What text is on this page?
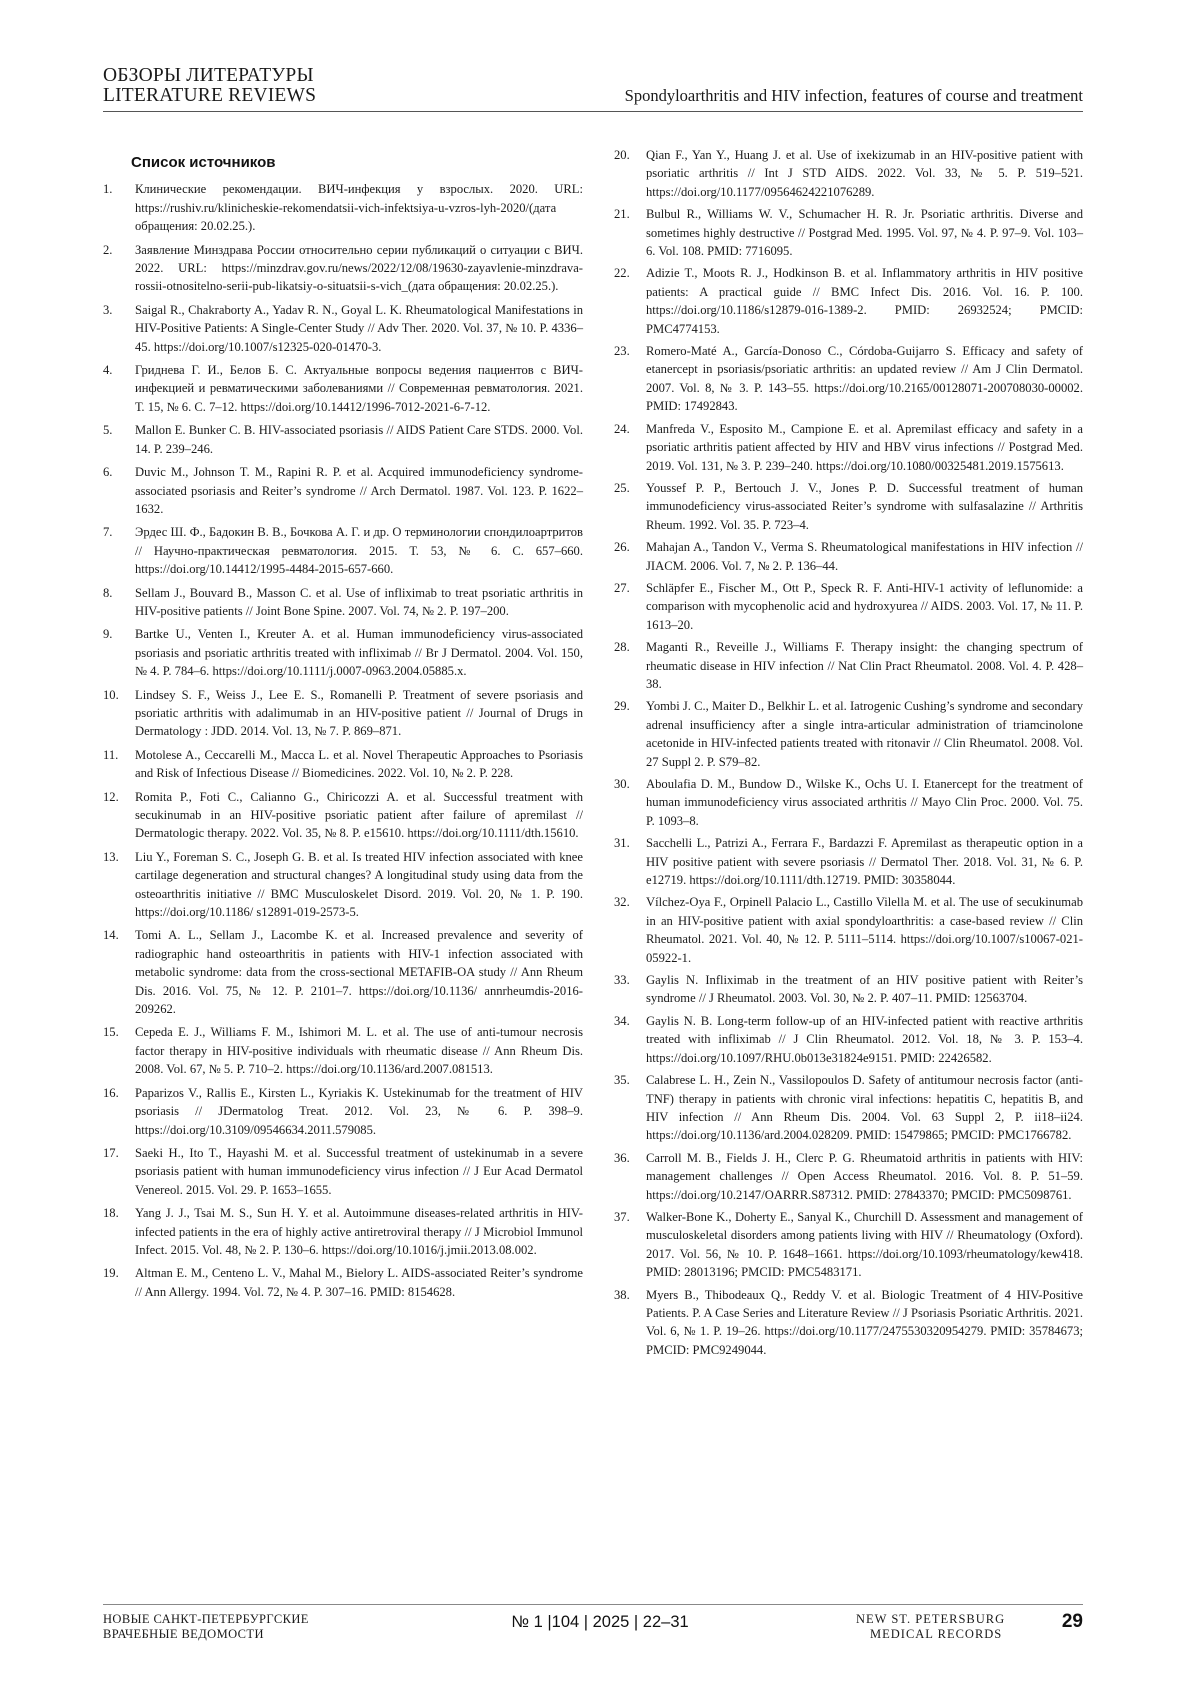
ОБЗОРЫ ЛИТЕРАТУРЫ
LITERATURE REVIEWS	Spondyloarthritis and HIV infection, features of course and treatment
Список источников
1. Клинические рекомендации. ВИЧ-инфекция у взрослых. 2020. URL: https://rushiv.ru/klinicheskie-rekomendatsii-vich-infektsiya-u-vzros-lyh-2020/(дата обращения: 20.02.25.).
2. Заявление Минздрава России относительно серии публикаций о ситуации с ВИЧ. 2022. URL: https://minzdrav.gov.ru/news/2022/12/08/19630-zayavlenie-minzdrava-rossii-otnositelno-serii-pub-likatsiy-o-situatsii-s-vich_(дата обращения: 20.02.25.).
3. Saigal R., Chakraborty A., Yadav R. N., Goyal L. K. Rheumatological Manifestations in HIV-Positive Patients: A Single-Center Study // Adv Ther. 2020. Vol. 37, № 10. P. 4336–45. https://doi.org/10.1007/s12325-020-01470-3.
4. Гриднева Г. И., Белов Б. С. Актуальные вопросы ведения пациентов с ВИЧ-инфекцией и ревматическими заболеваниями // Современная ревматология. 2021. Т. 15, № 6. С. 7–12. https://doi.org/10.14412/1996-7012-2021-6-7-12.
5. Mallon E. Bunker C. B. HIV-associated psoriasis // AIDS Patient Care STDS. 2000. Vol. 14. P. 239–246.
6. Duvic M., Johnson T. M., Rapini R. P. et al. Acquired immunodeficiency syndrome-associated psoriasis and Reiter’s syndrome // Arch Dermatol. 1987. Vol. 123. P. 1622–1632.
7. Эрдес Ш. Ф., Бадокин В. В., Бочкова А. Г. и др. О терминологии спондилоартритов // Научно-практическая ревматология. 2015. Т. 53, № 6. С. 657–660. https://doi.org/10.14412/1995-4484-2015-657-660.
8. Sellam J., Bouvard B., Masson C. et al. Use of infliximab to treat psoriatic arthritis in HIV-positive patients // Joint Bone Spine. 2007. Vol. 74, № 2. P. 197–200.
9. Bartke U., Venten I., Kreuter A. et al. Human immunodeficiency virus-associated psoriasis and psoriatic arthritis treated with infliximab // Br J Dermatol. 2004. Vol. 150, № 4. P. 784–6. https://doi.org/10.1111/j.0007-0963.2004.05885.x.
10. Lindsey S. F., Weiss J., Lee E. S., Romanelli P. Treatment of severe psoriasis and psoriatic arthritis with adalimumab in an HIV-positive patient // Journal of Drugs in Dermatology : JDD. 2014. Vol. 13, № 7. P. 869–871.
11. Motolese A., Ceccarelli M., Macca L. et al. Novel Therapeutic Approaches to Psoriasis and Risk of Infectious Disease // Biomedicines. 2022. Vol. 10, № 2. P. 228.
12. Romita P., Foti C., Calianno G., Chiricozzi A. et al. Successful treatment with secukinumab in an HIV-positive psoriatic patient after failure of apremilast // Dermatologic therapy. 2022. Vol. 35, № 8. P. e15610. https://doi.org/10.1111/dth.15610.
13. Liu Y., Foreman S. C., Joseph G. B. et al. Is treated HIV infection associated with knee cartilage degeneration and structural changes? A longitudinal study using data from the osteoarthritis initiative // BMC Musculoskelet Disord. 2019. Vol. 20, № 1. P. 190. https://doi.org/10.1186/ s12891-019-2573-5.
14. Tomi A. L., Sellam J., Lacombe K. et al. Increased prevalence and severity of radiographic hand osteoarthritis in patients with HIV-1 infection associated with metabolic syndrome: data from the cross-sectional METAFIB-OA study // Ann Rheum Dis. 2016. Vol. 75, № 12. P. 2101–7. https://doi.org/10.1136/ annrheumdis-2016-209262.
15. Cepeda E. J., Williams F. M., Ishimori M. L. et al. The use of anti-tumour necrosis factor therapy in HIV-positive individuals with rheumatic disease // Ann Rheum Dis. 2008. Vol. 67, № 5. P. 710–2. https://doi.org/10.1136/ard.2007.081513.
16. Paparizos V., Rallis E., Kirsten L., Kyriakis K. Ustekinumab for the treatment of HIV psoriasis // JDermatolog Treat. 2012. Vol. 23, № 6. P. 398–9. https://doi.org/10.3109/09546634.2011.579085.
17. Saeki H., Ito T., Hayashi M. et al. Successful treatment of ustekinumab in a severe psoriasis patient with human immunodeficiency virus infection // J Eur Acad Dermatol Venereol. 2015. Vol. 29. P. 1653–1655.
18. Yang J. J., Tsai M. S., Sun H. Y. et al. Autoimmune diseases-related arthritis in HIV-infected patients in the era of highly active antiretroviral therapy // J Microbiol Immunol Infect. 2015. Vol. 48, № 2. P. 130–6. https://doi.org/10.1016/j.jmii.2013.08.002.
19. Altman E. M., Centeno L. V., Mahal M., Bielory L. AIDS-associated Reiter’s syndrome // Ann Allergy. 1994. Vol. 72, № 4. P. 307–16. PMID: 8154628.
20. Qian F., Yan Y., Huang J. et al. Use of ixekizumab in an HIV-positive patient with psoriatic arthritis // Int J STD AIDS. 2022. Vol. 33, № 5. P. 519–521. https://doi.org/10.1177/09564624221076289.
21. Bulbul R., Williams W. V., Schumacher H. R. Jr. Psoriatic arthritis. Diverse and sometimes highly destructive // Postgrad Med. 1995. Vol. 97, № 4. P. 97–9. Vol. 103–6. Vol. 108. PMID: 7716095.
22. Adizie T., Moots R. J., Hodkinson B. et al. Inflammatory arthritis in HIV positive patients: A practical guide // BMC Infect Dis. 2016. Vol. 16. P. 100. https://doi.org/10.1186/s12879-016-1389-2. PMID: 26932524; PMCID: PMC4774153.
23. Romero-Maté A., García-Donoso C., Córdoba-Guijarro S. Efficacy and safety of etanercept in psoriasis/psoriatic arthritis: an updated review // Am J Clin Dermatol. 2007. Vol. 8, № 3. P. 143–55. https://doi.org/10.2165/00128071-200708030-00002. PMID: 17492843.
24. Manfreda V., Esposito M., Campione E. et al. Apremilast efficacy and safety in a psoriatic arthritis patient affected by HIV and HBV virus infections // Postgrad Med. 2019. Vol. 131, № 3. P. 239–240. https://doi.org/10.1080/00325481.2019.1575613.
25. Youssef P. P., Bertouch J. V., Jones P. D. Successful treatment of human immunodeficiency virus-associated Reiter’s syndrome with sulfasalazine // Arthritis Rheum. 1992. Vol. 35. P. 723–4.
26. Mahajan A., Tandon V., Verma S. Rheumatological manifestations in HIV infection // JIACM. 2006. Vol. 7, № 2. P. 136–44.
27. Schläpfer E., Fischer M., Ott P., Speck R. F. Anti-HIV-1 activity of leflunomide: a comparison with mycophenolic acid and hydroxyurea // AIDS. 2003. Vol. 17, № 11. P. 1613–20.
28. Maganti R., Reveille J., Williams F. Therapy insight: the changing spectrum of rheumatic disease in HIV infection // Nat Clin Pract Rheumatol. 2008. Vol. 4. P. 428–38.
29. Yombi J. C., Maiter D., Belkhir L. et al. Iatrogenic Cushing’s syndrome and secondary adrenal insufficiency after a single intra-articular administration of triamcinolone acetonide in HIV-infected patients treated with ritonavir // Clin Rheumatol. 2008. Vol. 27 Suppl 2. P. S79–82.
30. Aboulafia D. M., Bundow D., Wilske K., Ochs U. I. Etanercept for the treatment of human immunodeficiency virus associated arthritis // Mayo Clin Proc. 2000. Vol. 75. P. 1093–8.
31. Sacchelli L., Patrizi A., Ferrara F., Bardazzi F. Apremilast as therapeutic option in a HIV positive patient with severe psoriasis // Dermatol Ther. 2018. Vol. 31, № 6. P. e12719. https://doi.org/10.1111/dth.12719. PMID: 30358044.
32. Vílchez-Oya F., Orpinell Palacio L., Castillo Vilella M. et al. The use of secukinumab in an HIV-positive patient with axial spondyloarthritis: a case-based review // Clin Rheumatol. 2021. Vol. 40, № 12. P. 5111–5114. https://doi.org/10.1007/s10067-021-05922-1.
33. Gaylis N. Infliximab in the treatment of an HIV positive patient with Reiter’s syndrome // J Rheumatol. 2003. Vol. 30, № 2. P. 407–11. PMID: 12563704.
34. Gaylis N. B. Long-term follow-up of an HIV-infected patient with reactive arthritis treated with infliximab // J Clin Rheumatol. 2012. Vol. 18, № 3. P. 153–4. https://doi.org/10.1097/RHU.0b013e31824e9151. PMID: 22426582.
35. Calabrese L. H., Zein N., Vassilopoulos D. Safety of antitumour necrosis factor (anti-TNF) therapy in patients with chronic viral infections: hepatitis C, hepatitis B, and HIV infection // Ann Rheum Dis. 2004. Vol. 63 Suppl 2, P. ii18–ii24. https://doi.org/10.1136/ard.2004.028209. PMID: 15479865; PMCID: PMC1766782.
36. Carroll M. B., Fields J. H., Clerc P. G. Rheumatoid arthritis in patients with HIV: management challenges // Open Access Rheumatol. 2016. Vol. 8. P. 51–59. https://doi.org/10.2147/OARRR.S87312. PMID: 27843370; PMCID: PMC5098761.
37. Walker-Bone K., Doherty E., Sanyal K., Churchill D. Assessment and management of musculoskeletal disorders among patients living with HIV // Rheumatology (Oxford). 2017. Vol. 56, № 10. P. 1648–1661. https://doi.org/10.1093/rheumatology/kew418. PMID: 28013196; PMCID: PMC5483171.
38. Myers B., Thibodeaux Q., Reddy V. et al. Biologic Treatment of 4 HIV-Positive Patients. P. A Case Series and Literature Review // J Psoriasis Psoriatic Arthritis. 2021. Vol. 6, № 1. P. 19–26. https://doi.org/10.1177/2475530320954279. PMID: 35784673; PMCID: PMC9249044.
НОВЫЕ САНКТ-ПЕТЕРБУРГСКИЕ
ВРАЧЕБНЫЕ ВЕДОМОСТИ
№ 1 |104 | 2025 | 22–31	NEW ST. PETERSBURG
MEDICAL RECORDS
29
